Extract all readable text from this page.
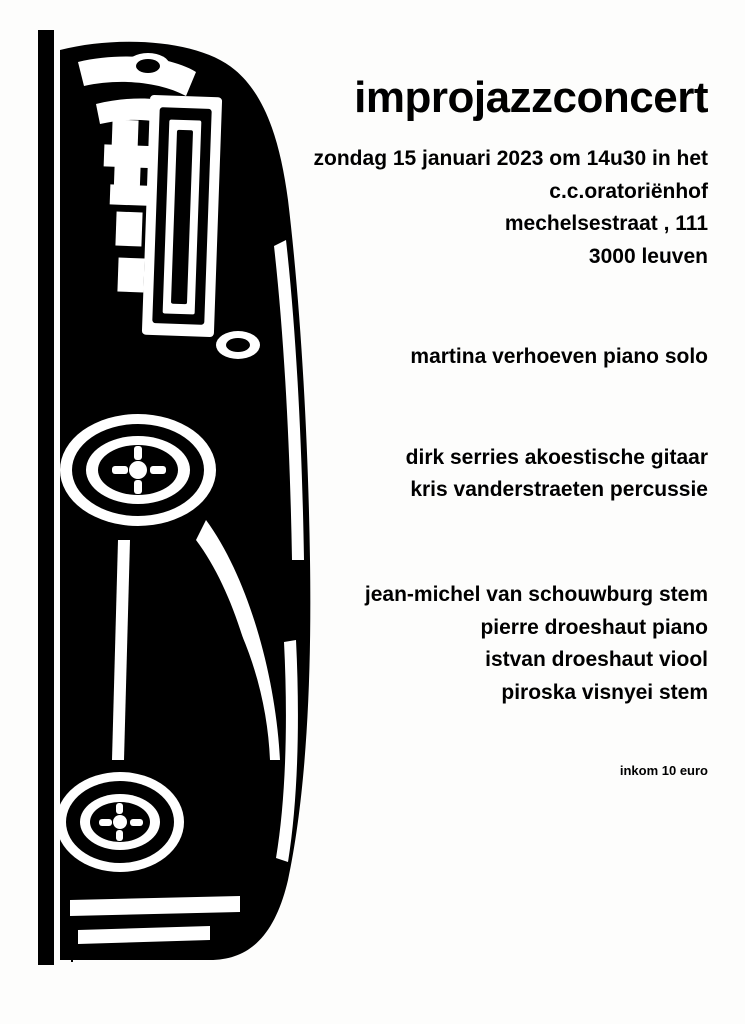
improjazzconcert
zondag 15 januari 2023 om 14u30 in het
c.c.oratoriënhof
mechelsestraat , 111
3000 leuven
martina verhoeven piano solo
dirk serries akoestische gitaar
kris vanderstraeten percussie
jean-michel van schouwburg stem
pierre droeshaut piano
istvan droeshaut viool
piroska visnyei stem
inkom 10 euro
